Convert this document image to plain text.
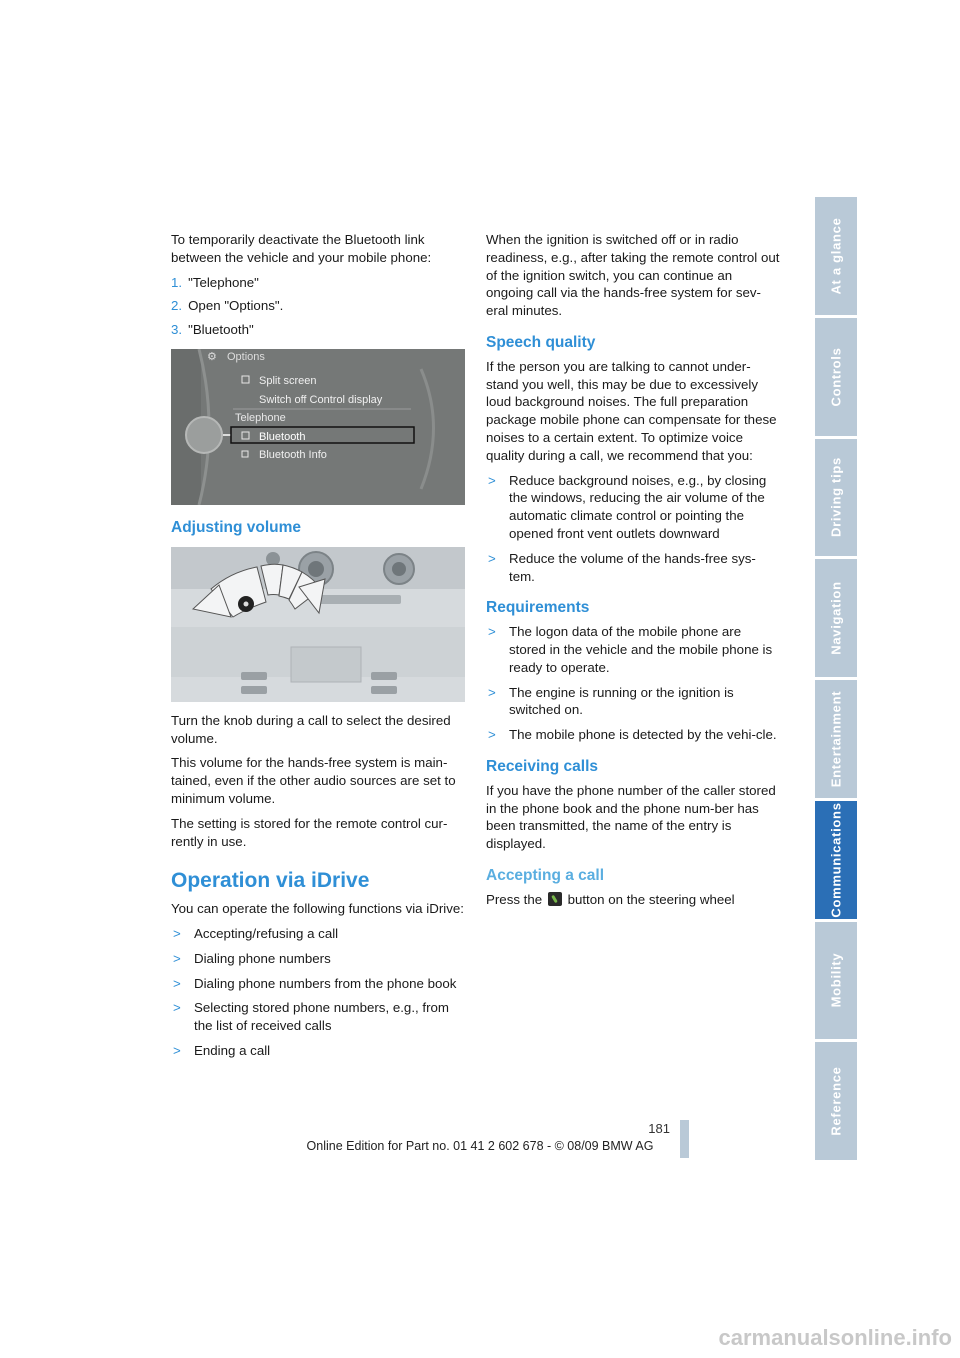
To temporarily deactivate the Bluetooth link between the vehicle and your mobile phone:

1. "Telephone"
2. Open "Options".
3. "Bluetooth"
⚙ Options
Split screen
Switch off Control display
Telephone
Bluetooth
Bluetooth Info
Adjusting volume

Turn the knob during a call to select the desired volume.

This volume for the hands-free system is main-tained, even if the other audio sources are set to minimum volume.

The setting is stored for the remote control cur-rently in use.

Operation via iDrive

You can operate the following functions via iDrive:

> Accepting/refusing a call
> Dialing phone numbers
> Dialing phone numbers from the phone book
> Selecting stored phone numbers, e.g., from the list of received calls
> Ending a call

When the ignition is switched off or in radio readiness, e.g., after taking the remote control out of the ignition switch, you can continue an ongoing call via the hands-free system for sev-eral minutes.

Speech quality

If the person you are talking to cannot under-stand you well, this may be due to excessively loud background noises. The full preparation package mobile phone can compensate for these noises to a certain extent. To optimize voice quality during a call, we recommend that you:

> Reduce background noises, e.g., by closing the windows, reducing the air volume of the automatic climate control or pointing the opened front vent outlets downward
> Reduce the volume of the hands-free sys-tem.
Requirements
> The logon data of the mobile phone are stored in the vehicle and the mobile phone is ready to operate.
> The engine is running or the ignition is switched on.
> The mobile phone is detected by the vehi-cle.
Receiving calls

If you have the phone number of the caller stored in the phone book and the phone num-ber has been transmitted, the name of the entry is displayed.

Accepting a call

Press the  button on the steering wheel

At a glance
Controls
Driving tips
Navigation
Entertainment
Communications
Mobility
Reference
181
Online Edition for Part no. 01 41 2 602 678 - © 08/09 BMW AG
carmanualsonline.info
